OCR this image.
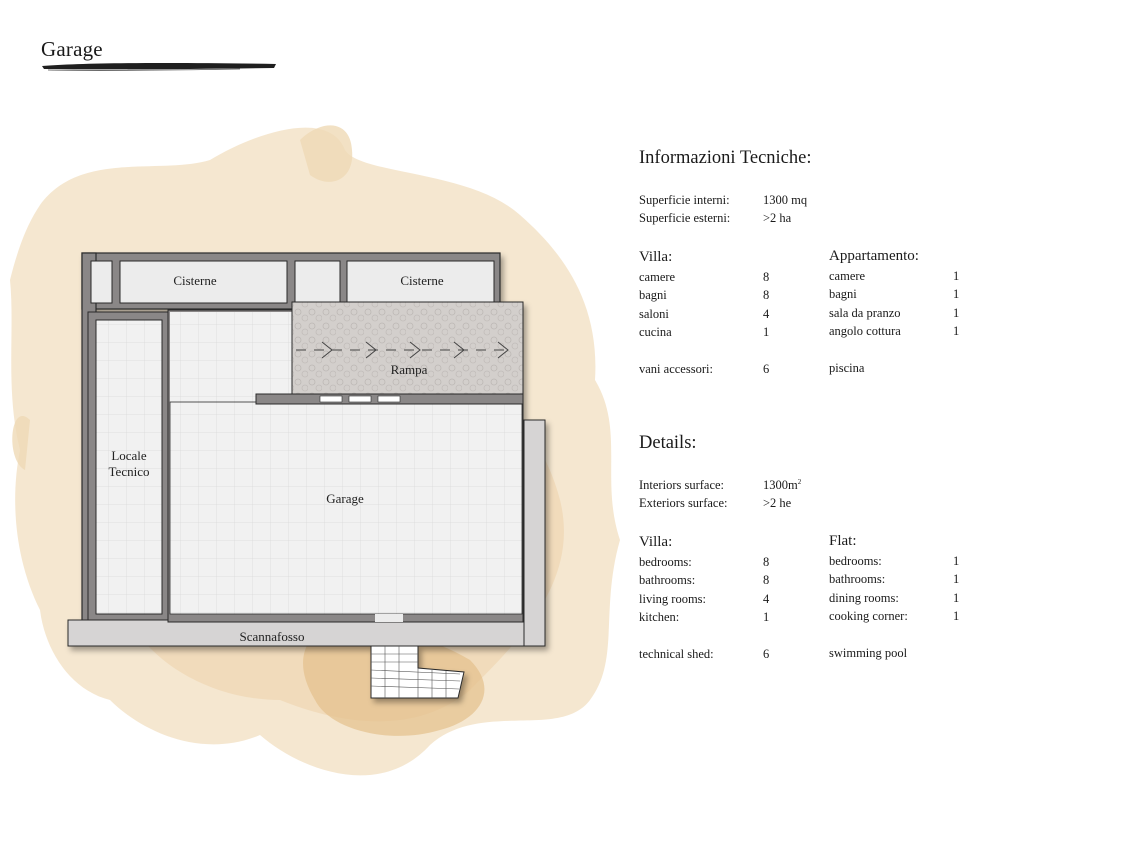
Garage
Cisterne	Cisterne
Rampa
Locale
Tecnico
Garage
Scannafosso
Informazioni Tecniche:
Superficie interni:	1300 mq
Superficie esterni:	>2 ha
Villa:
camere	8
bagni	8
saloni	4
cucina	1
vani accessori:	6
Appartamento:
camere	1
bagni	1
sala da pranzo	1
angolo cottura	1
piscina
Details:
Interiors surface:	$1300m^2$
Exteriors surface:	>2 he
Villa:
bedrooms:	8
bathrooms:	8
living rooms:	4
kitchen:	1
technical shed:	6
Flat:
bedrooms:	1
bathrooms:	1
dining rooms:	1
cooking corner:	1
swimming pool
